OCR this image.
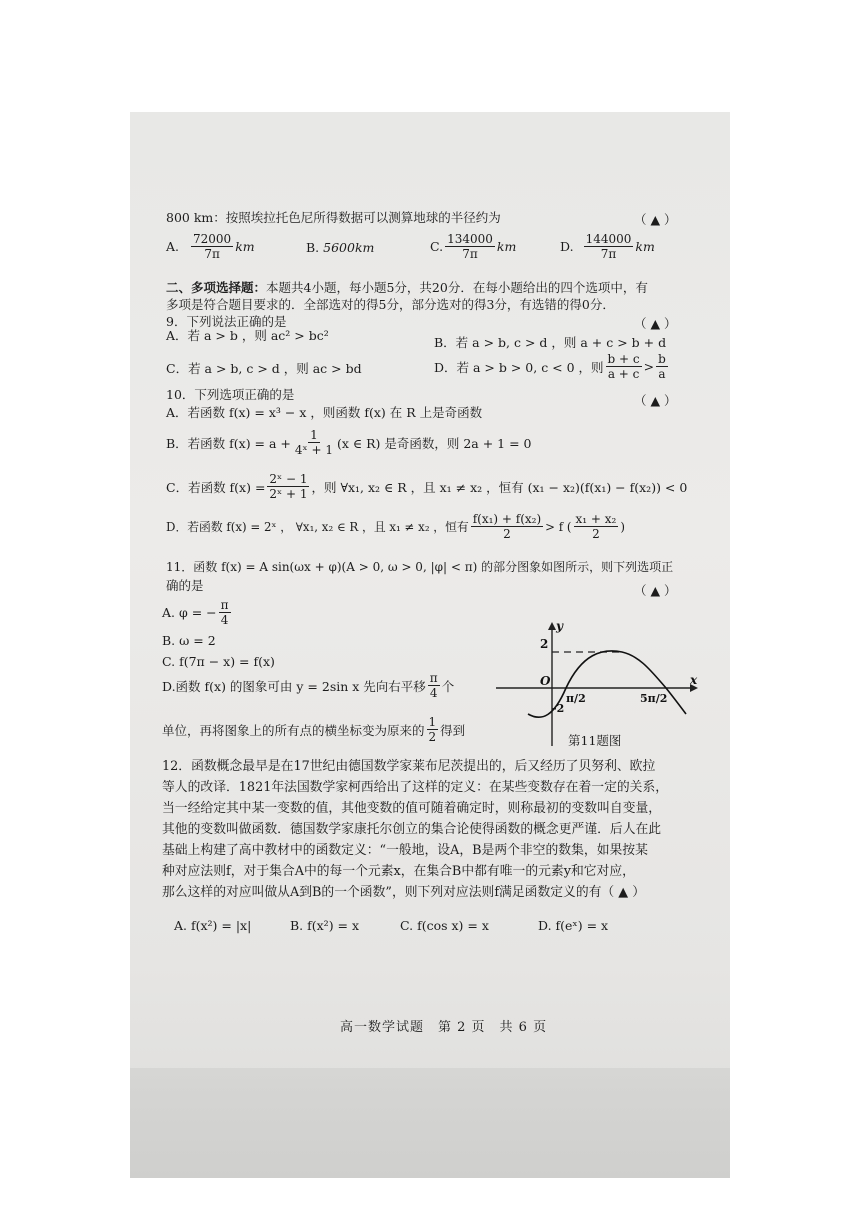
800 km：按照埃拉托色尼所得数据可以测算地球的半径约为	（ ▲ ）
A. $\frac{72000}{7\pi}$ km	B.
5600km	C. $\frac{134000}{7\pi}$ km	D. $\frac{144000}{7\pi}$ km
二、多项选择题：本题共4小题，每小题5分，共20分．在每小题给出的四个选项中，有
多项是符合题目要求的．全部选对的得5分，部分选对的得3分，有选错的得0分．
9．下列说法正确的是	（ ▲ ）
A．若 a > b ，则 ac² > bc²	B．若 a > b, c > d ，则 a + c > b + d
C．若 a > b, c > d ，则 ac > bd	D．若 a > b > 0, c < 0 ，则 $\frac{b + c}{a + c} > \frac{b}{a}$
10．下列选项正确的是	（ ▲ ）
A．若函数 f(x) = x³ − x ，则函数 f(x) 在 R 上是奇函数
B．若函数 $f(x) = a + \frac{1}{\text{4ˣ + 1}} (x$ ∈ R) 是奇函数，则 2a + 1 = 0
C．若函数 $f(x) = \frac{\text{2ˣ − 1}}{\text{2ˣ + 1}}$ ，则 ∀x₁, x₂ ∈ R ，且 x₁ ≠ x₂ ，恒有 (x₁ − x₂)(f(x₁) − f(x₂)) < 0
D．若函数 f(x) = 2ˣ ， ∀x₁, x₂ ∈ R ，且 x₁ ≠ x₂ ，恒有 $\frac{\text{f(x₁) + f(x₂)}}{2} > f$ ( $\frac{\text{x₁ + x₂}}{2}$ )
11．函数 f(x) = A sin(ωx + φ)(A > 0, ω > 0, |φ| < π) 的部分图象如图所示，则下列选项正
确的是	（ ▲ ）
A. φ = − $\frac{\pi}{4}$
B. ω = 2
C. f(7π − x) = f(x)
D.函数 f(x) 的图象可由 y = 2sin x 先向右平移 $\frac{\pi}{4}$ 个
单位，再将图象上的所有点的横坐标变为原来的 $\frac{1}{2}$ 得到
y
x
2
O
-2
π/2	5π/2
第11题图

12．函数概念最早是在17世纪由德国数学家莱布尼茨提出的，后又经历了贝努利、欧拉

等人的改译．1821年法国数学家柯西给出了这样的定义：在某些变数存在着一定的关系，

当一经给定其中某一变数的值，其他变数的值可随着确定时，则称最初的变数叫自变量，

其他的变数叫做函数．德国数学家康托尔创立的集合论使得函数的概念更严谨．后人在此

基础上构建了高中教材中的函数定义：“一般地，设A，B是两个非空的数集，如果按某

种对应法则f，对于集合A中的每一个元素x，在集合B中都有唯一的元素y和它对应，

那么这样的对应叫做从A到B的一个函数”，则下列对应法则f满足函数定义的有（ ▲ ）

A. f(x²) = |x|	B. f(x²) = x	C. f(cos x) = x	D. f(eˣ) = x
高一数学试题　第 2 页　共 6 页
